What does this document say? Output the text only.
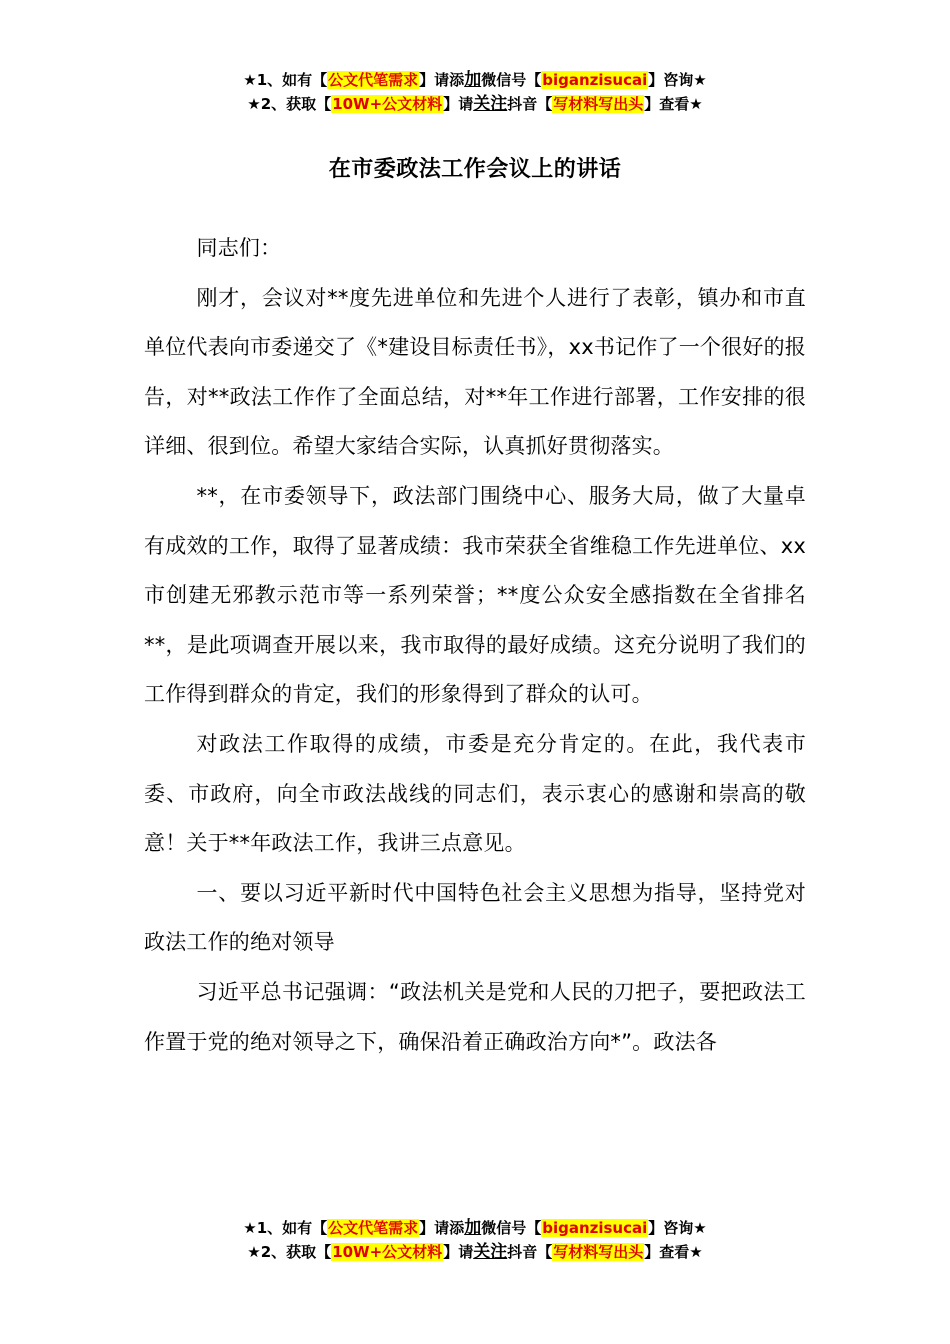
★1、如有【公文代笔需求】请添加微信号【biganzisucai】咨询★
★2、获取【10W+公文材料】请关注抖音【写材料写出头】查看★
在市委政法工作会议上的讲话

同志们：

刚才，会议对**度先进单位和先进个人进行了表彰，镇办和市直单位代表向市委递交了《*建设目标责任书》，xx书记作了一个很好的报告，对**政法工作作了全面总结，对**年工作进行部署，工作安排的很详细、很到位。希望大家结合实际，认真抓好贯彻落实。

**，在市委领导下，政法部门围绕中心、服务大局，做了大量卓有成效的工作，取得了显著成绩：我市荣获全省维稳工作先进单位、xx市创建无邪教示范市等一系列荣誉；**度公众安全感指数在全省排名**，是此项调查开展以来，我市取得的最好成绩。这充分说明了我们的工作得到群众的肯定，我们的形象得到了群众的认可。

对政法工作取得的成绩，市委是充分肯定的。在此，我代表市委、市政府，向全市政法战线的同志们，表示衷心的感谢和崇高的敬意！关于**年政法工作，我讲三点意见。

一、要以习近平新时代中国特色社会主义思想为指导，坚持党对政法工作的绝对领导

习近平总书记强调：“政法机关是党和人民的刀把子，要把政法工作置于党的绝对领导之下，确保沿着正确政治方向*”。政法各

★1、如有【公文代笔需求】请添加微信号【biganzisucai】咨询★
★2、获取【10W+公文材料】请关注抖音【写材料写出头】查看★
